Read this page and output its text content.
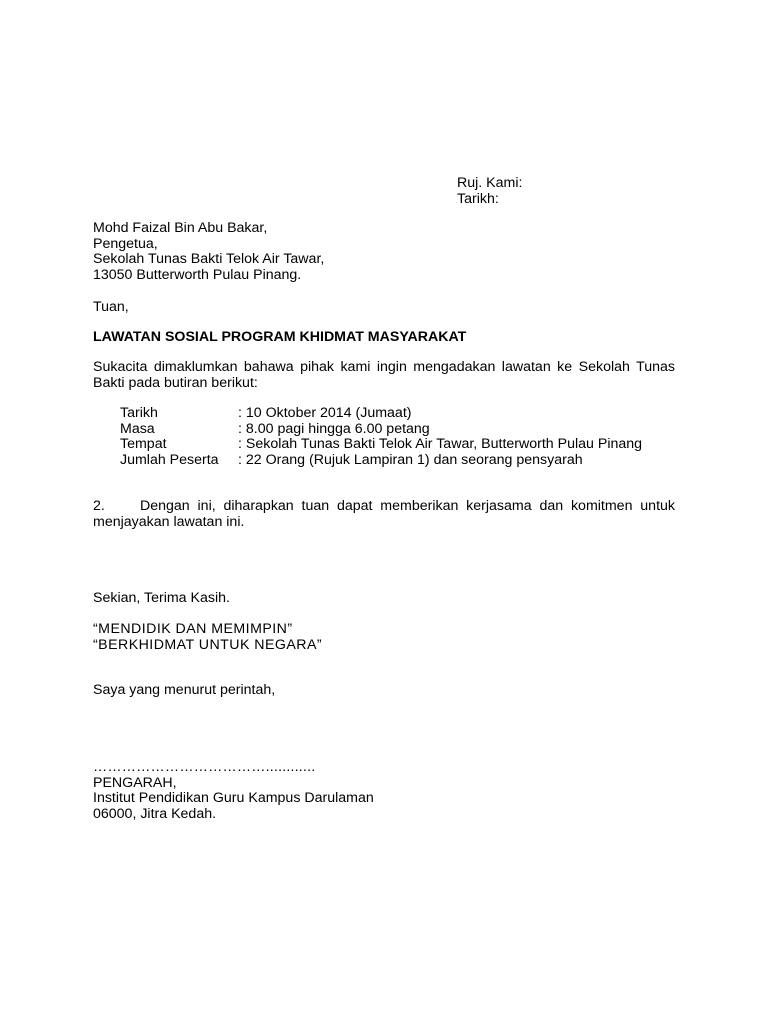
Ruj. Kami:
Tarikh:
Mohd Faizal Bin Abu Bakar,
Pengetua,
Sekolah Tunas Bakti Telok Air Tawar,
13050 Butterworth Pulau Pinang.
Tuan,
LAWATAN SOSIAL PROGRAM KHIDMAT MASYARAKAT
Sukacita dimaklumkan bahawa pihak kami ingin mengadakan lawatan ke Sekolah Tunas Bakti pada butiran berikut:
Tarikh	: 10 Oktober 2014 (Jumaat)
Masa	: 8.00 pagi hingga 6.00 petang
Tempat	: Sekolah Tunas Bakti Telok Air Tawar, Butterworth Pulau Pinang
Jumlah Peserta	: 22 Orang (Rujuk Lampiran 1) dan seorang pensyarah
2. Dengan ini, diharapkan tuan dapat memberikan kerjasama dan komitmen untuk menjayakan lawatan ini.
Sekian, Terima Kasih.
“MENDIDIK DAN MEMIMPIN”
“BERKHIDMAT UNTUK NEGARA”
Saya yang menurut perintah,
………………………………............
PENGARAH,
Institut Pendidikan Guru Kampus Darulaman
06000, Jitra Kedah.
